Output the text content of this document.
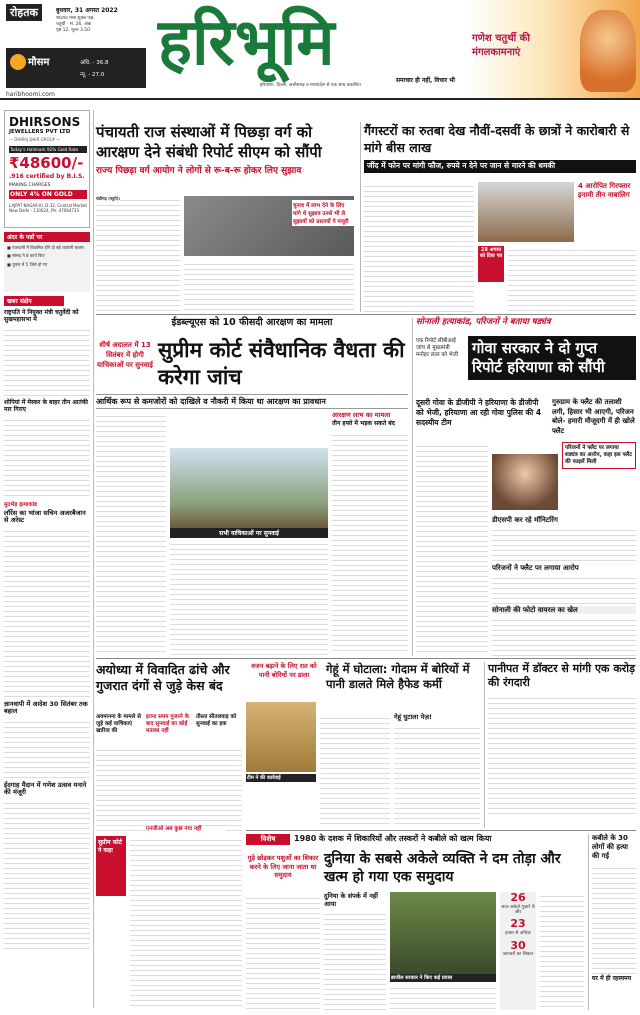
रोहतक	बुधवार, 31 अगस्त 2022
भाद्रपद मास शुक्ल पक्ष,
चतुर्थी · सं. 26, अंक
पृष्ठ 12, मूल्य 3.50
मौसम	अधि. - 36.8
न्यू. - 27.0
haribhoomi.com
हरिभूमि
हरियाणा, दिल्ली, छत्तीसगढ़ व मध्यप्रदेश से एक साथ प्रकाशित
समाचार ही नहीं, विचार भी
गणेश चतुर्थी की मंगलकामनाएं
DHIRSONS
JEWELLERS PVT LTD
— DHIRAJ DHIR GROUP —
Today's Hallmark 92% Gold Rate
₹48600/-
.916 certified by B.I.S.
MAKING CHARGES
ONLY 4% ON GOLD
LAJPAT NAGAR-III, D-32, Central Market New Delhi - 110024, Ph: 47084733
अंदर के पन्नों पर
■ राजधानी में विकसित होंगे दो बड़े व्यापारी बाजार
■ सांसद ने 8 कार्य किए
■ चुनाव में 5 जिले हो गए
खबर संक्षेप
राष्ट्रपति ने नियुक्त मंत्री चतुर्वेदी को सुखमहासभा में
शोपियां में मेस्कर के बाहर तीन आतंकी मार गिराए
मुठभेड़ हत्याकांड
लॉरेंस का भांजा सचिन अजरबैजान से अरेस्ट
ज्ञानवापी में आदेश 30 सितंबर तक बहाल
ईदगाह मैदान में गणेश उत्सव मनाने की मंजूरी
पंचायती राज संस्थाओं में पिछड़ा वर्ग को आरक्षण देने संबंधी रिपोर्ट सीएम को सौंपी
राज्य पिछड़ा वर्ग आयोग ने लोगों से रू-ब-रू होकर लिए सुझाव
चुनाव में लाभ देने के लिए मांगे थे सुझाव उनसे भी ले सुझावों को प्रस्तावों पे मंजूरी
चंडीगढ़ (ब्यूरो)।
गैंगस्टरों का रुतबा देख नौवीं-दसवीं के छात्रों ने कारोबारी से मांगे बीस लाख
जींद में फोन पर मांगी फौज, रुपये न देने पर जान से मारने की धमकी
28 अगस्त को दिया पत्र
4 आरोपित गिरफ्तार इनामी तीन नाबालिग
ईडब्ल्यूएस को 10 फीसदी आरक्षण का मामला
शीर्ष अदालत में 13 सितंबर में होगी याचिकाओं पर सुनवाई
सुप्रीम कोर्ट संवैधानिक वैधता की करेगा जांच
आर्थिक रूप से कमजोरों को दाखिले व नौकरी में किया था आरक्षण का प्रावधान
सभी याचिकाओं पर सुनवाई
आरक्षण लाभ का मामला
तीन हफ्ते में भड़क सकते बंद
सोनाली हत्याकांड, परिजनों ने बताया षड्यंत्र
एक रिपोर्ट सीबीआई जांच से मुख्यमंत्री मनोहर लाल को भेजी गोवा सरकार ने दो गुप्त रिपोर्ट हरियाणा को सौंपी
दूसरी गोवा के डीजीपी ने हरियाणा के डीजीपी को भेजी, हरियाणा आ रही गोवा पुलिस की 4 सदस्यीय टीम
गुरुग्राम के फ्लैट की तलाशी लगी, हिसार भी आएगी, परिजन बोले- हमारी मौजूदगी में ही खोले फ्लैट
परिजनों ने फ्लैट पर लगाया शड्यंत्र का आरोप, कहा इस फ्लैट की फाइलें मिली
डीएसपी कर रहे मॉनिटरिंग
परिजनों ने फ्लैट पर लगाया आरोप
सोनाली की फोटो वायरल का खेल
अयोध्या में विवादित ढांचे और गुजरात दंगों से जुड़े केस बंद
अवमानना के मामले से जुड़े कई याचिकाएं खारिज की
इतना समय गुजरने के बाद सुनवाई का कोई मतलब नहीं
तीस्ता सीतलवाड़ को सुनवाई का हक
सुप्रीम कोर्ट ने कहा
एनजीओ अब कुछ नया नहीं
वजन बढ़ाने के लिए रात को पानी बोरियों पर डाला	गेहूं में घोटाला: गोदाम में बोरियों में पानी डालते मिले हैफेड कर्मी
टीम ने की कार्रवाई
गेहूं घुटाला पेज़!
पानीपत में डॉक्टर से मांगी एक करोड़ की रंगदारी
विशेष	1980 के दशक में शिकारियों और तस्करों ने कबीले को खत्म किया
गुड़े छोड़कर पशुओं का शिकार करने के लिए जाना जाता था समुदाय
दुनिया के सबसे अकेले व्यक्ति ने दम तोड़ा और खत्म हो गया एक समुदाय
दुनिया के संपर्क में नहीं आया
ब्राजील सरकार ने किए कई प्रयास
26
साल अकेले गुज़ारे थे और
23
हजार से अधिक
30
जानवरों का शिकार
कबीले के 30 लोगों की हत्या की गई
घर में ही रहस्यमय
